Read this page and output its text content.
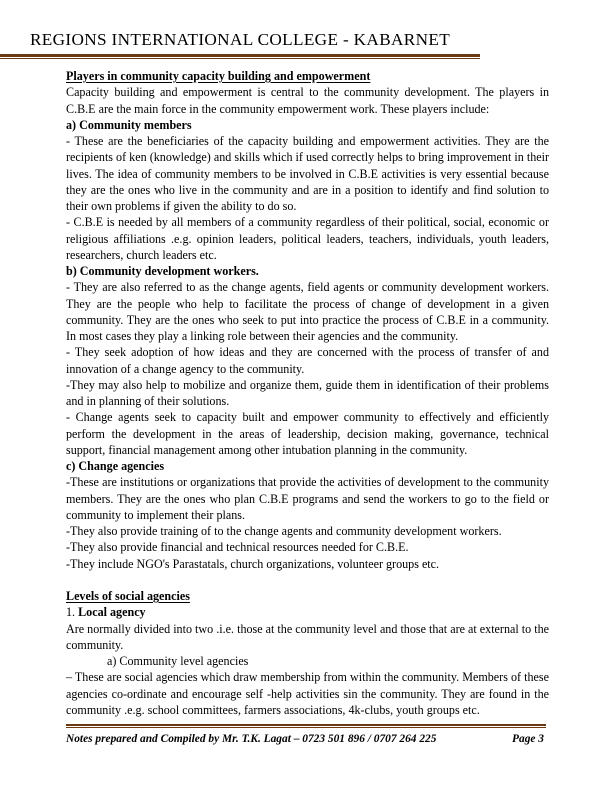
REGIONS INTERNATIONAL COLLEGE - KABARNET
Players in community capacity building and empowerment

Capacity building and empowerment is central to the community development. The players in C.B.E are the main force in the community empowerment work. These players include:

a) Community members

- These are the beneficiaries of the capacity building and empowerment activities. They are the recipients of ken (knowledge) and skills which if used correctly helps to bring improvement in their lives. The idea of community members to be involved in C.B.E activities is very essential because they are the ones who live in the community and are in a position to identify and find solution to their own problems if given the ability to do so.

- C.B.E is needed by all members of a community regardless of their political, social, economic or religious affiliations .e.g. opinion leaders, political leaders, teachers, individuals, youth leaders, researchers, church leaders etc.

b) Community development workers.

- They are also referred to as the change agents, field agents or community development workers. They are the people who help to facilitate the process of change of development in a given community. They are the ones who seek to put into practice the process of C.B.E in a community. In most cases they play a linking role between their agencies and the community.

- They seek adoption of how ideas and they are concerned with the process of transfer of and innovation of a change agency to the community.

-They may also help to mobilize and organize them, guide them in identification of their problems and in planning of their solutions.

- Change agents seek to capacity built and empower community to effectively and efficiently perform the development in the areas of leadership, decision making, governance, technical support, financial management among other intubation planning in the community.

c) Change agencies

-These are institutions or organizations that provide the activities of development to the community members. They are the ones who plan C.B.E programs and send the workers to go to the field or community to implement their plans.

-They also provide training of to the change agents and community development workers.

-They also provide financial and technical resources needed for C.B.E.

-They include NGO's Parastatals, church organizations, volunteer groups etc.

Levels of social agencies
1. Local agency

Are normally divided into two .i.e. those at the community level and those that are at external to the community.

a) Community level agencies

– These are social agencies which draw membership from within the community. Members of these agencies co-ordinate and encourage self -help activities sin the community. They are found in the community .e.g. school committees, farmers associations, 4k-clubs, youth groups etc.

Notes prepared and Compiled by Mr. T.K. Lagat – 0723 501 896 / 0707 264 225	Page 3
